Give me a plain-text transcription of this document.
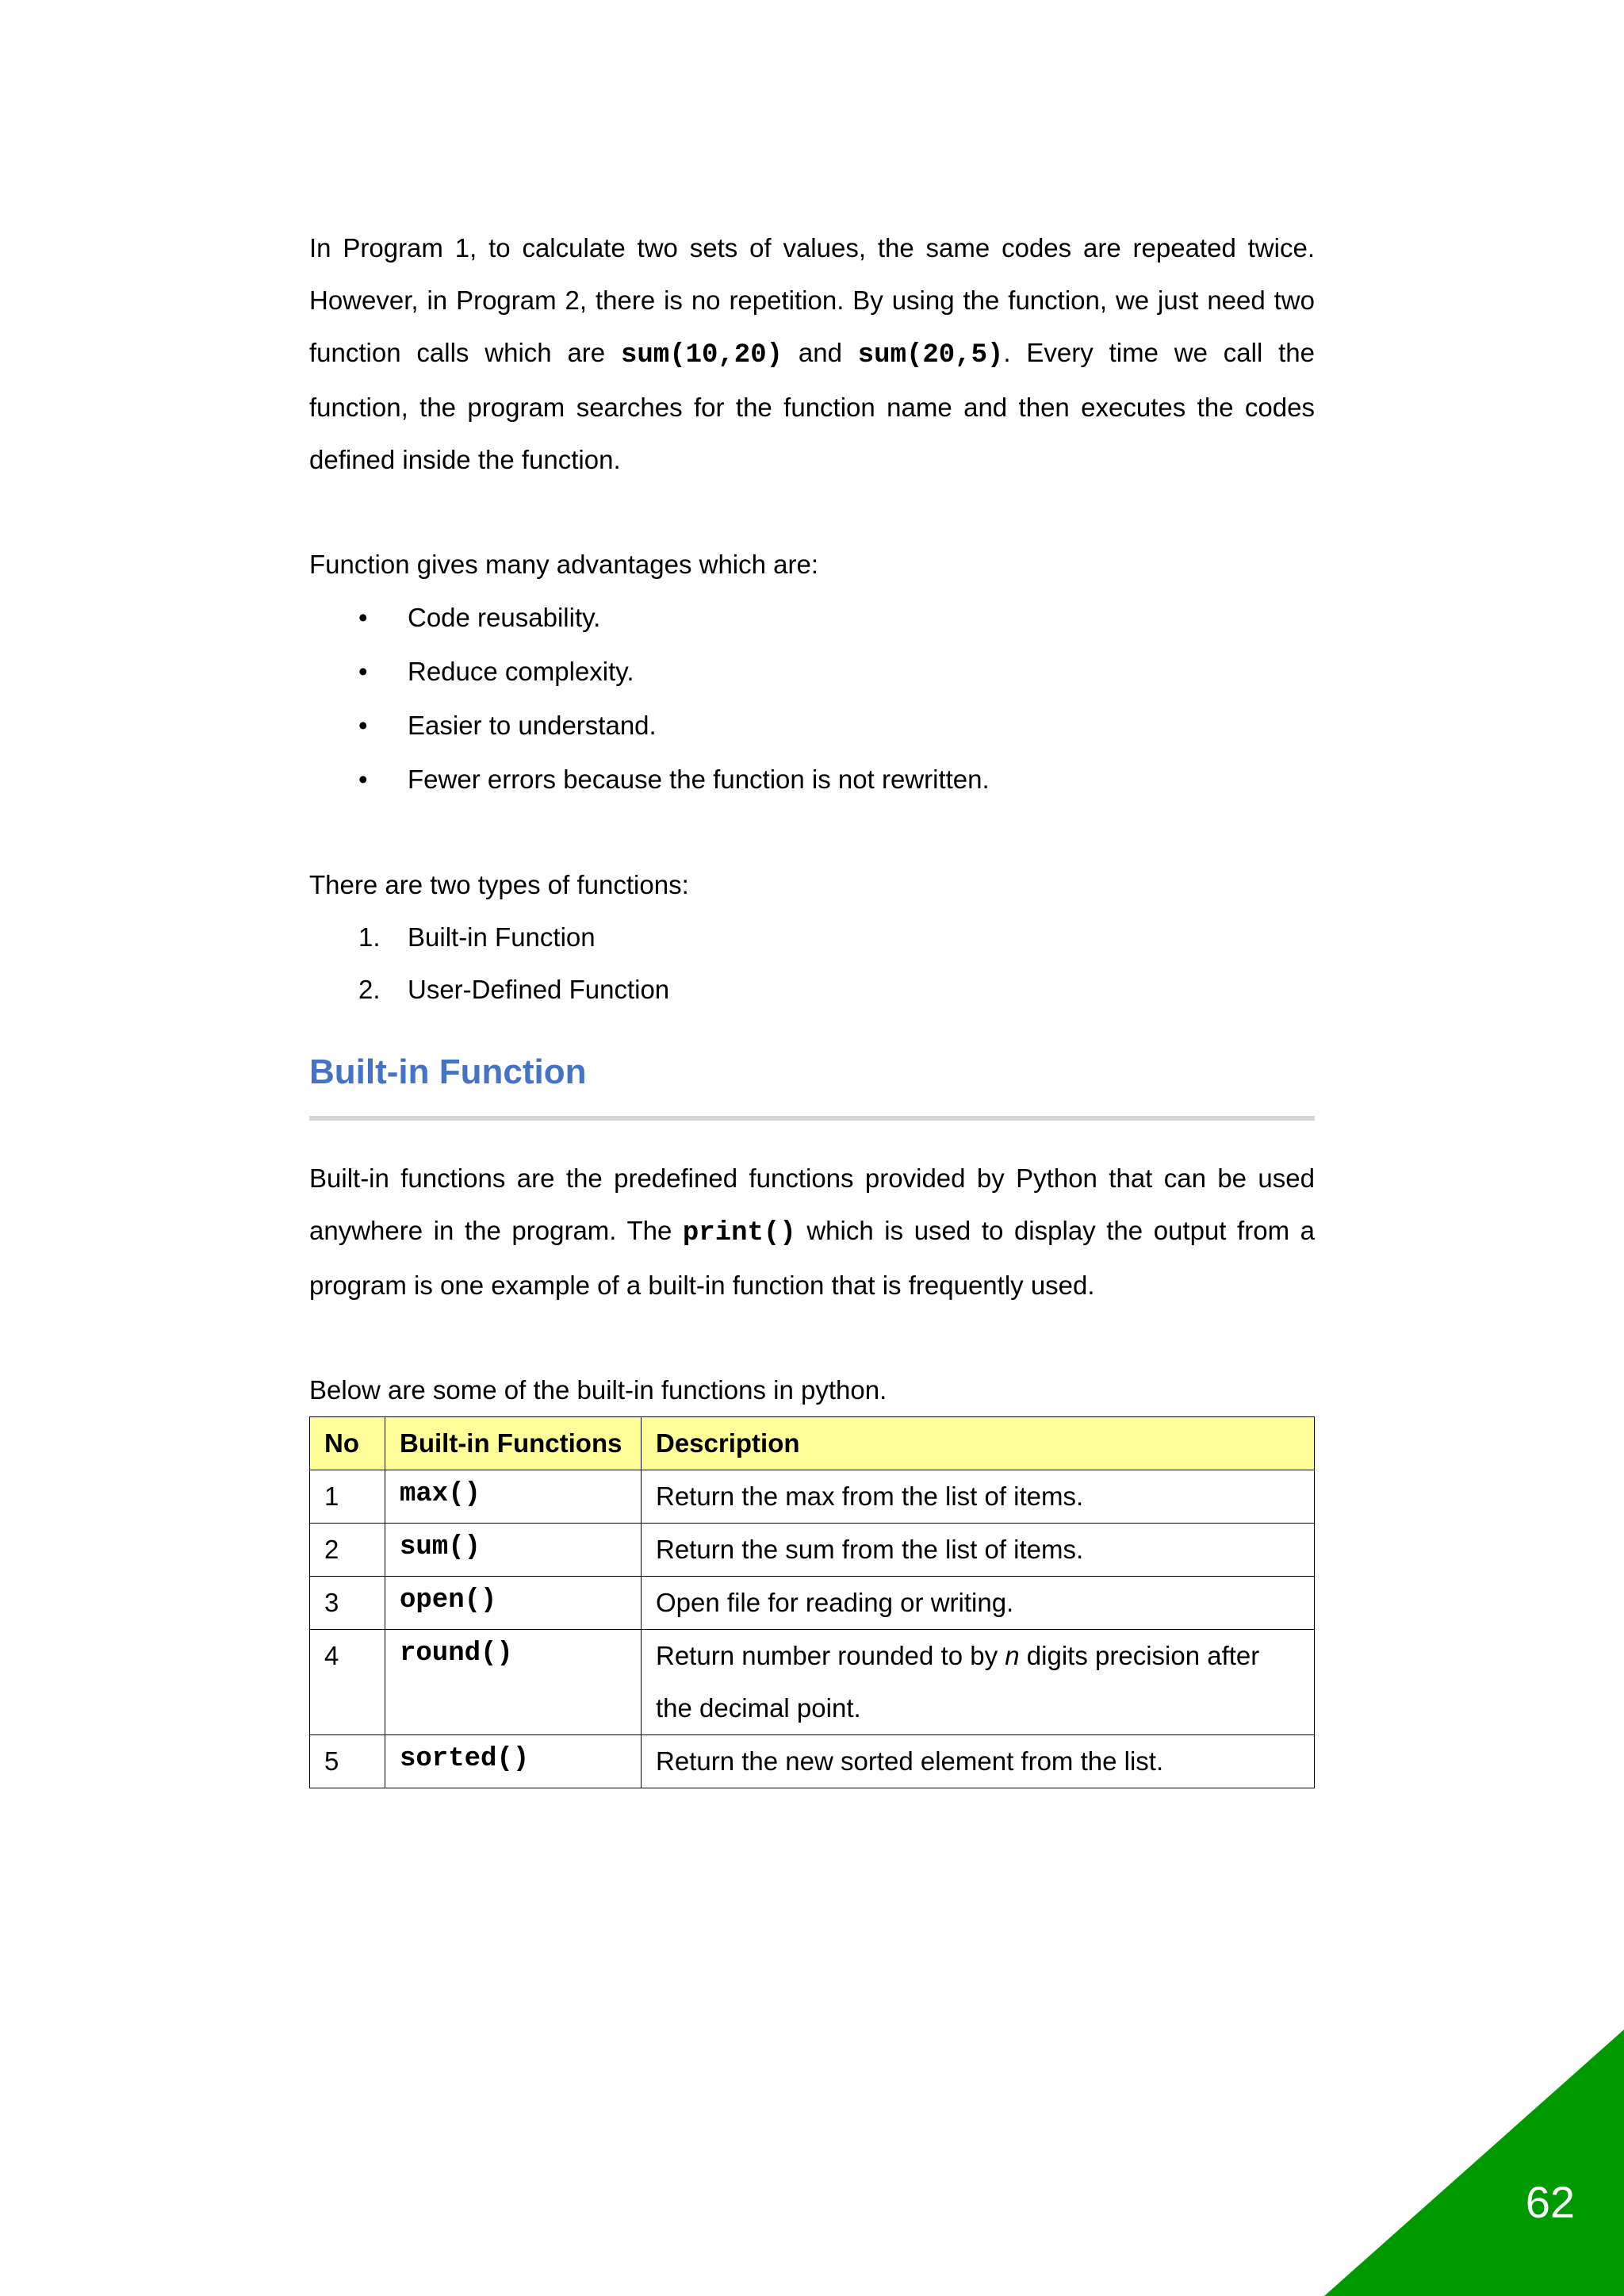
In Program 1, to calculate two sets of values, the same codes are repeated twice. However, in Program 2, there is no repetition. By using the function, we just need two function calls which are sum(10,20) and sum(20,5). Every time we call the function, the program searches for the function name and then executes the codes defined inside the function.

Function gives many advantages which are:

• Code reusability.
• Reduce complexity.
• Easier to understand.
• Fewer errors because the function is not rewritten.

There are two types of functions:

1. Built-in Function
2. User-Defined Function
Built-in Function

Built-in functions are the predefined functions provided by Python that can be used anywhere in the program. The print() which is used to display the output from a program is one example of a built-in function that is frequently used.

Below are some of the built-in functions in python.

No	Built-in Functions	Description
1	max()	Return the max from the list of items.
2	sum()	Return the sum from the list of items.
3	open()	Open file for reading or writing.
4	round()	Return number rounded to by n digits precision after the decimal point.
5	sorted()	Return the new sorted element from the list.
62
